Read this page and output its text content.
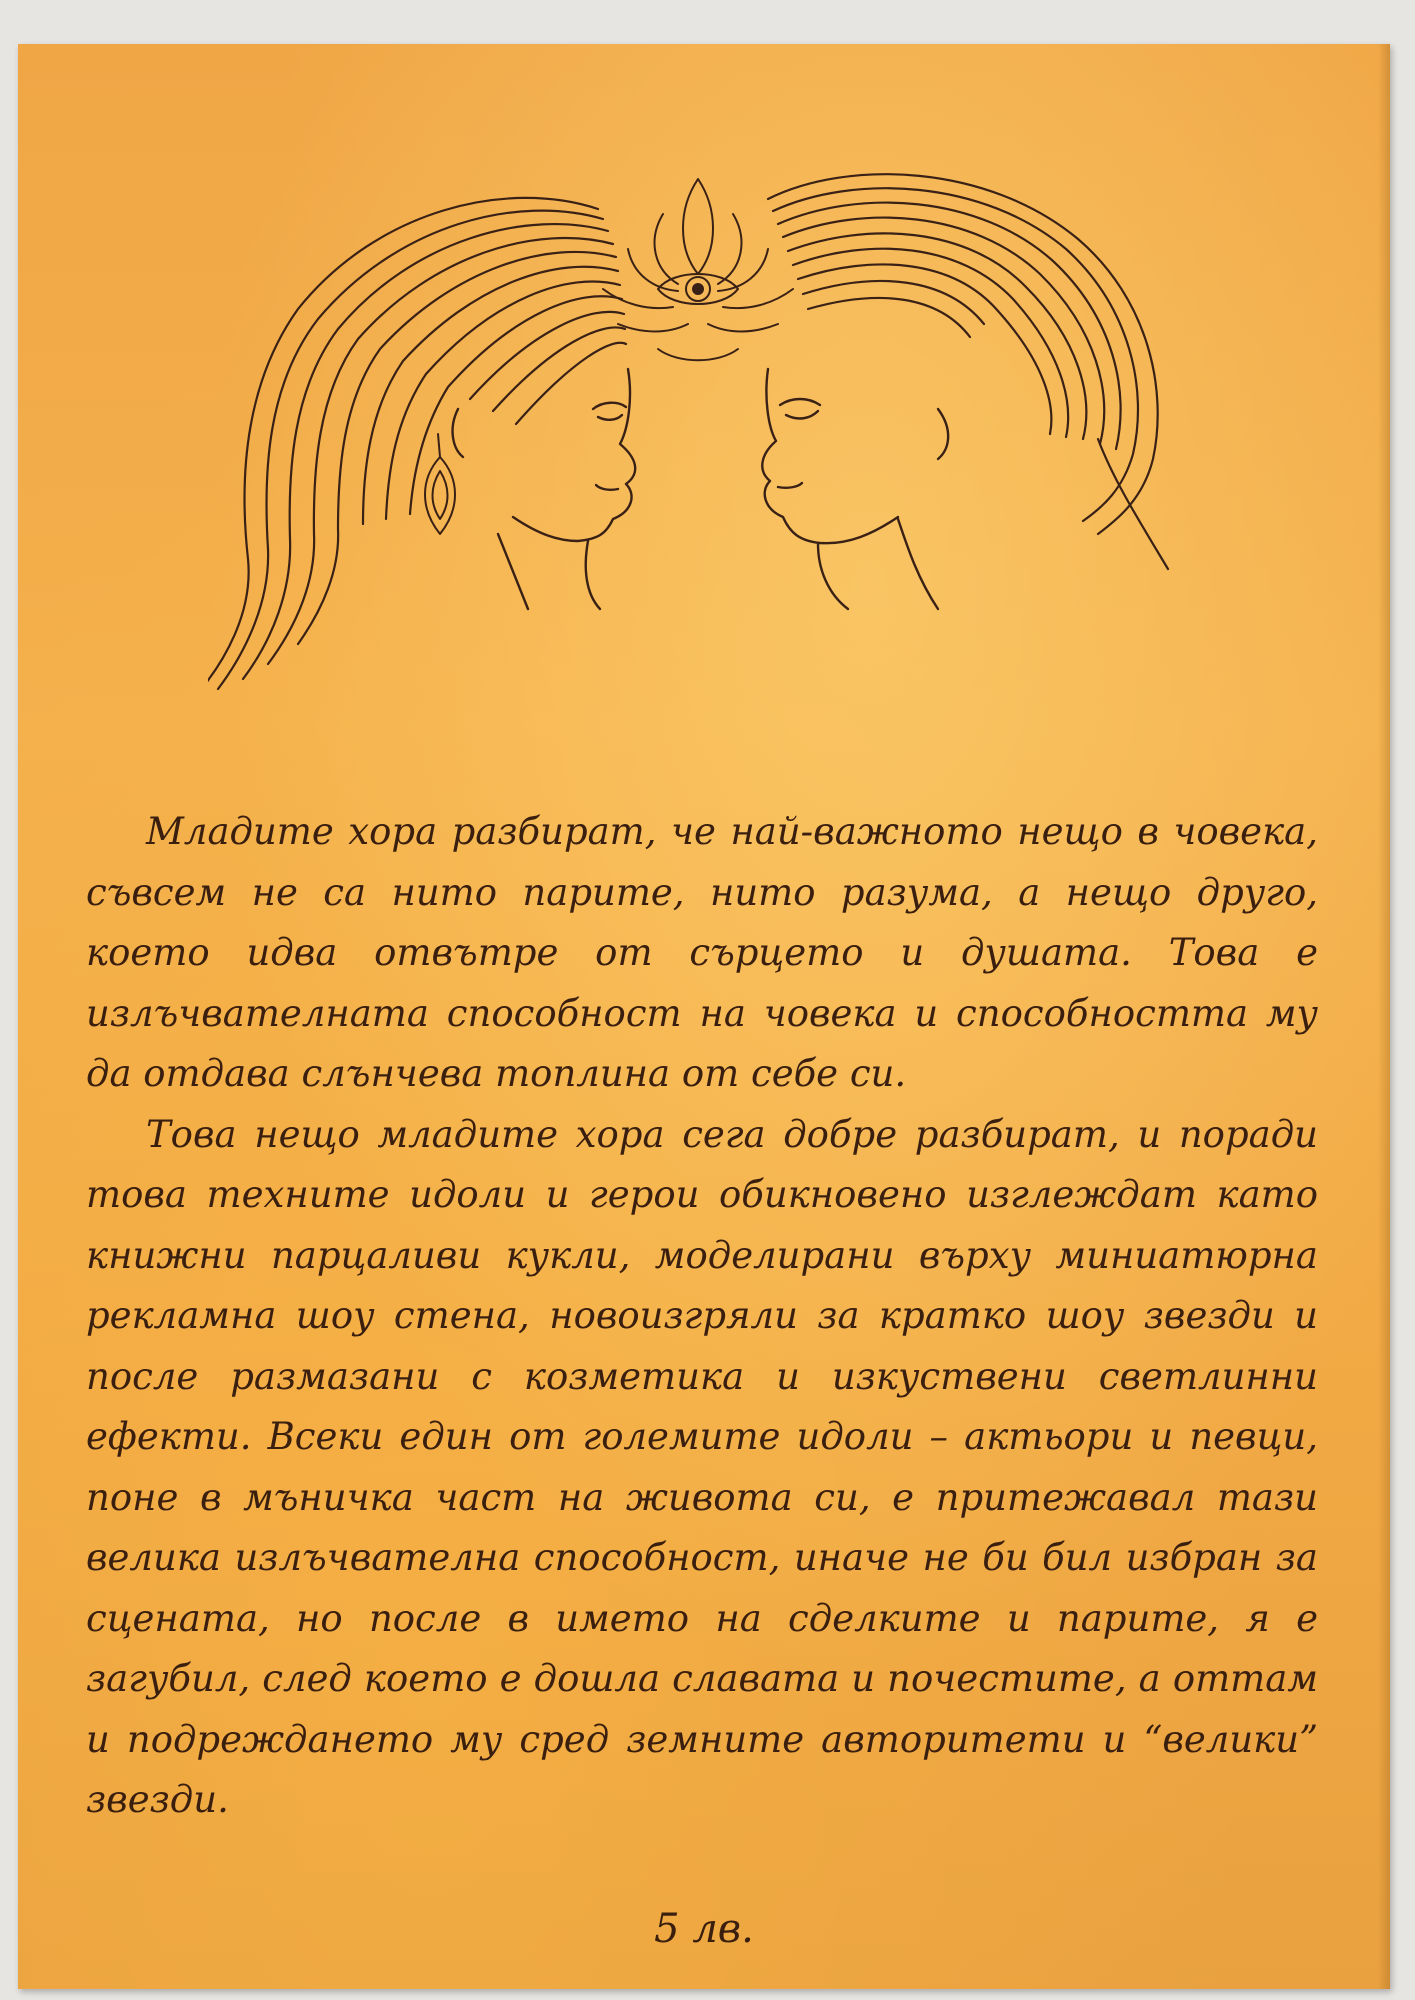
Младите хора разбират, че най-важното нещо в човека, съвсем не са нито парите, нито разума, а нещо друго, което идва отвътре от сърцето и душата. Това е излъчвателната способност на човека и способността му да отдава слънчева топлина от себе си.

Това нещо младите хора сега добре разбират, и поради това техните идоли и герои обикновено изглеждат като книжни парцаливи кукли, моделирани върху миниатюрна рекламна шоу стена, новоизгряли за кратко шоу звезди и после размазани с козметика и изкуствени светлинни ефекти. Всеки един от големите идоли – актьори и певци, поне в мъничка част на живота си, е притежавал тази велика излъчвателна способност, иначе не би бил избран за сцената, но после в името на сделките и парите, я е загубил, след което е дошла славата и почестите, а оттам и подреждането му сред земните авторитети и “велики” звезди.

5 лв.
